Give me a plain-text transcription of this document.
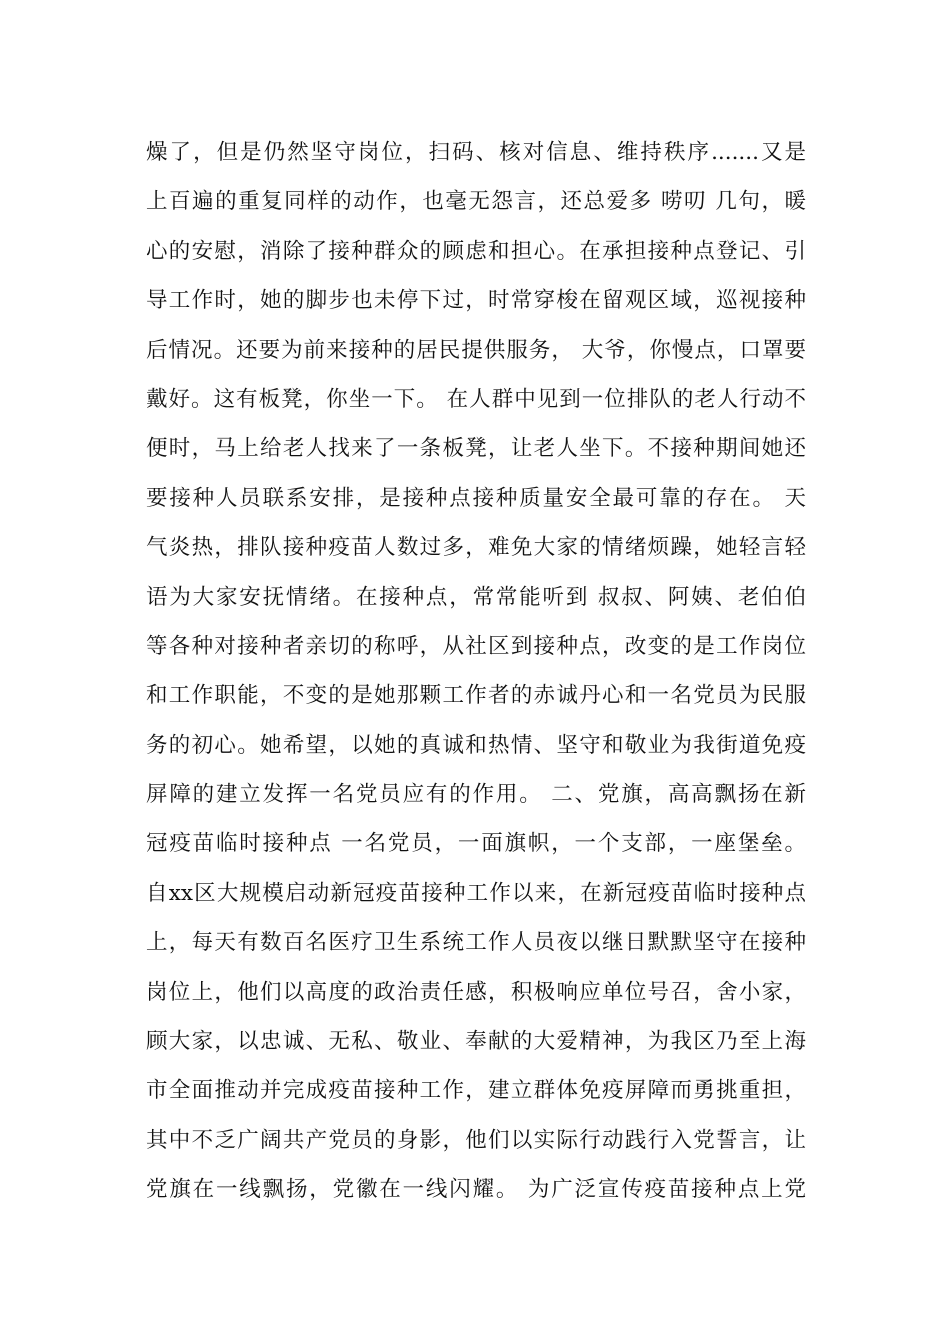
燥了，但是仍然坚守岗位，扫码、核对信息、维持秩序.......又是
上百遍的重复同样的动作，也毫无怨言，还总爱多 唠叨 几句，暖
心的安慰，消除了接种群众的顾虑和担心。在承担接种点登记、引
导工作时，她的脚步也未停下过，时常穿梭在留观区域，巡视接种
后情况。还要为前来接种的居民提供服务， 大爷，你慢点，口罩要
戴好。这有板凳，你坐一下。 在人群中见到一位排队的老人行动不
便时，马上给老人找来了一条板凳，让老人坐下。不接种期间她还
要接种人员联系安排，是接种点接种质量安全最可靠的存在。 天
气炎热，排队接种疫苗人数过多，难免大家的情绪烦躁，她轻言轻
语为大家安抚情绪。在接种点，常常能听到 叔叔、阿姨、老伯伯
等各种对接种者亲切的称呼，从社区到接种点，改变的是工作岗位
和工作职能，不变的是她那颗工作者的赤诚丹心和一名党员为民服
务的初心。她希望，以她的真诚和热情、坚守和敬业为我街道免疫
屏障的建立发挥一名党员应有的作用。 二、党旗，高高飘扬在新
冠疫苗临时接种点 一名党员，一面旗帜，一个支部，一座堡垒。
自xx区大规模启动新冠疫苗接种工作以来，在新冠疫苗临时接种点
上，每天有数百名医疗卫生系统工作人员夜以继日默默坚守在接种
岗位上，他们以高度的政治责任感，积极响应单位号召，舍小家，
顾大家，以忠诚、无私、敬业、奉献的大爱精神，为我区乃至上海
市全面推动并完成疫苗接种工作，建立群体免疫屏障而勇挑重担，
其中不乏广阔共产党员的身影，他们以实际行动践行入党誓言，让
党旗在一线飘扬，党徽在一线闪耀。 为广泛宣传疫苗接种点上党
